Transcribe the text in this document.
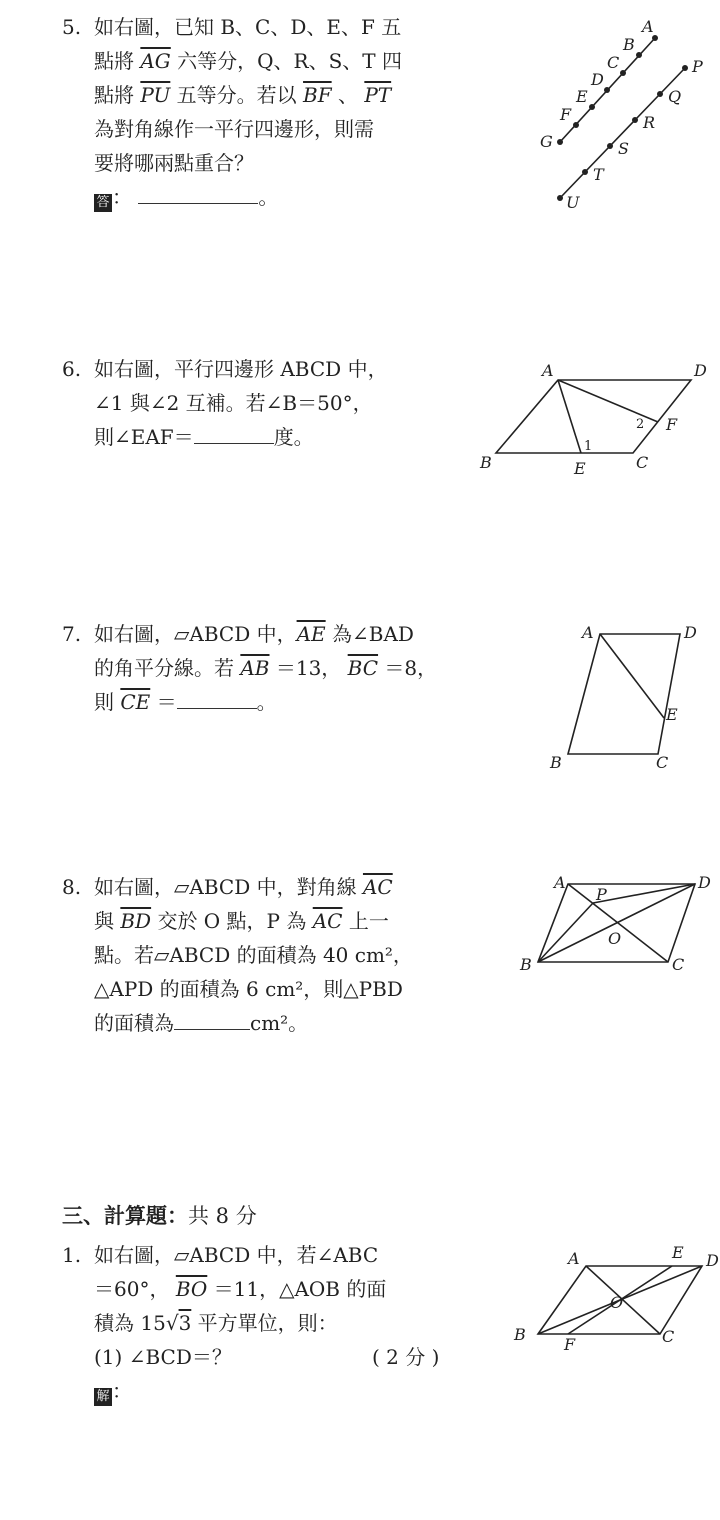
5. 如右圖，已知 B、C、D、E、F 五
點將 $\overline{AG}$ 六等分，Q、R、S、T 四
點將 $\overline{PU}$ 五等分。若以 $\overline{BF}$ 、 $\overline{PT}$
為對角線作一平行四邊形，則需
要將哪兩點重合？
答 ：	。
A
B
C
D
E
F
G
P
Q
R
S
T
U
6. 如右圖，平行四邊形 ABCD 中，
∠1 與∠2 互補。若∠B＝50°，
則∠EAF＝	度。
A	D
B	C
E
F
1
2
7. 如右圖，▱ABCD 中，$\overline{AE}$ 為∠BAD
的角平分線。若 $\overline{AB} =13$， $\overline{BC} =8$，
則 $\overline{CE}$ ＝	。
A	D
B	C
E
8. 如右圖，▱ABCD 中，對角線 $\overline{AC}$
與 $\overline{BD}$ 交於 O 點，P 為 $\overline{AC}$ 上一
點。若▱ABCD 的面積為 40 cm²，
△APD 的面積為 6 cm²，則△PBD
的面積為	cm²。
A	D
B	C
P
O
三、計算題：共 8 分
1. 如右圖，▱ABCD 中，若∠ABC
＝60°， $\overline{BO} =11$，△AOB 的面
積為 15√3 平方單位，則：
(1) ∠BCD＝？	( 2 分 )
解 ：
A	E D
B
F	C
O
